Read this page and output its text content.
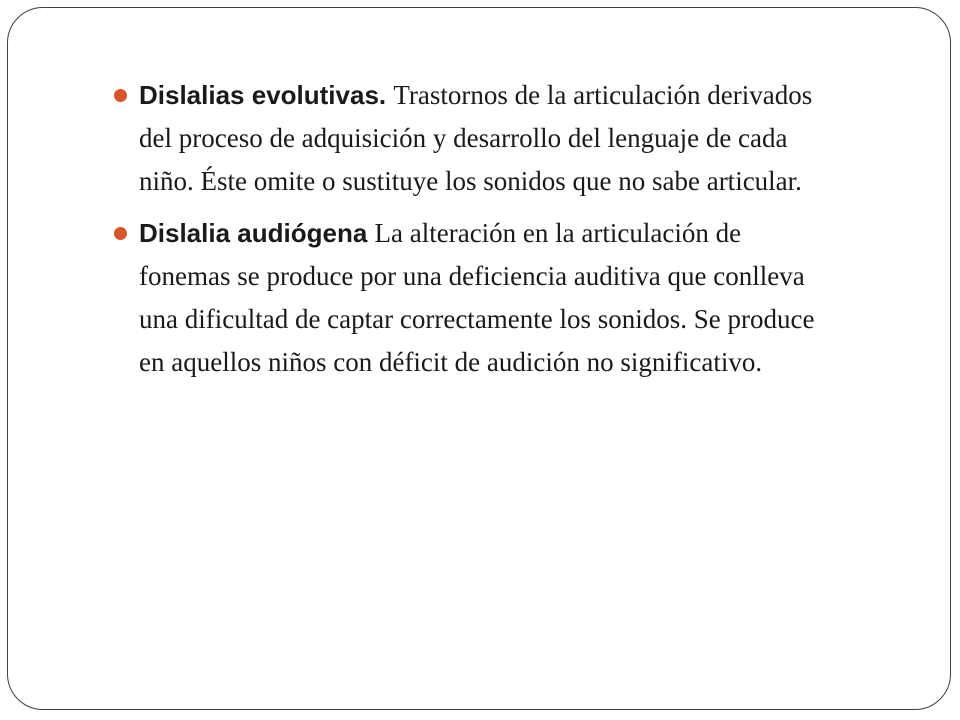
Dislalias evolutivas. Trastornos de la articulación derivados del proceso de adquisición y desarrollo del lenguaje de cada niño. Éste omite o sustituye los sonidos que no sabe articular.
Dislalia audiógena La alteración en la articulación de fonemas se produce por una deficiencia auditiva que conlleva una dificultad de captar correctamente los sonidos. Se produce en aquellos niños con déficit de audición no significativo.
